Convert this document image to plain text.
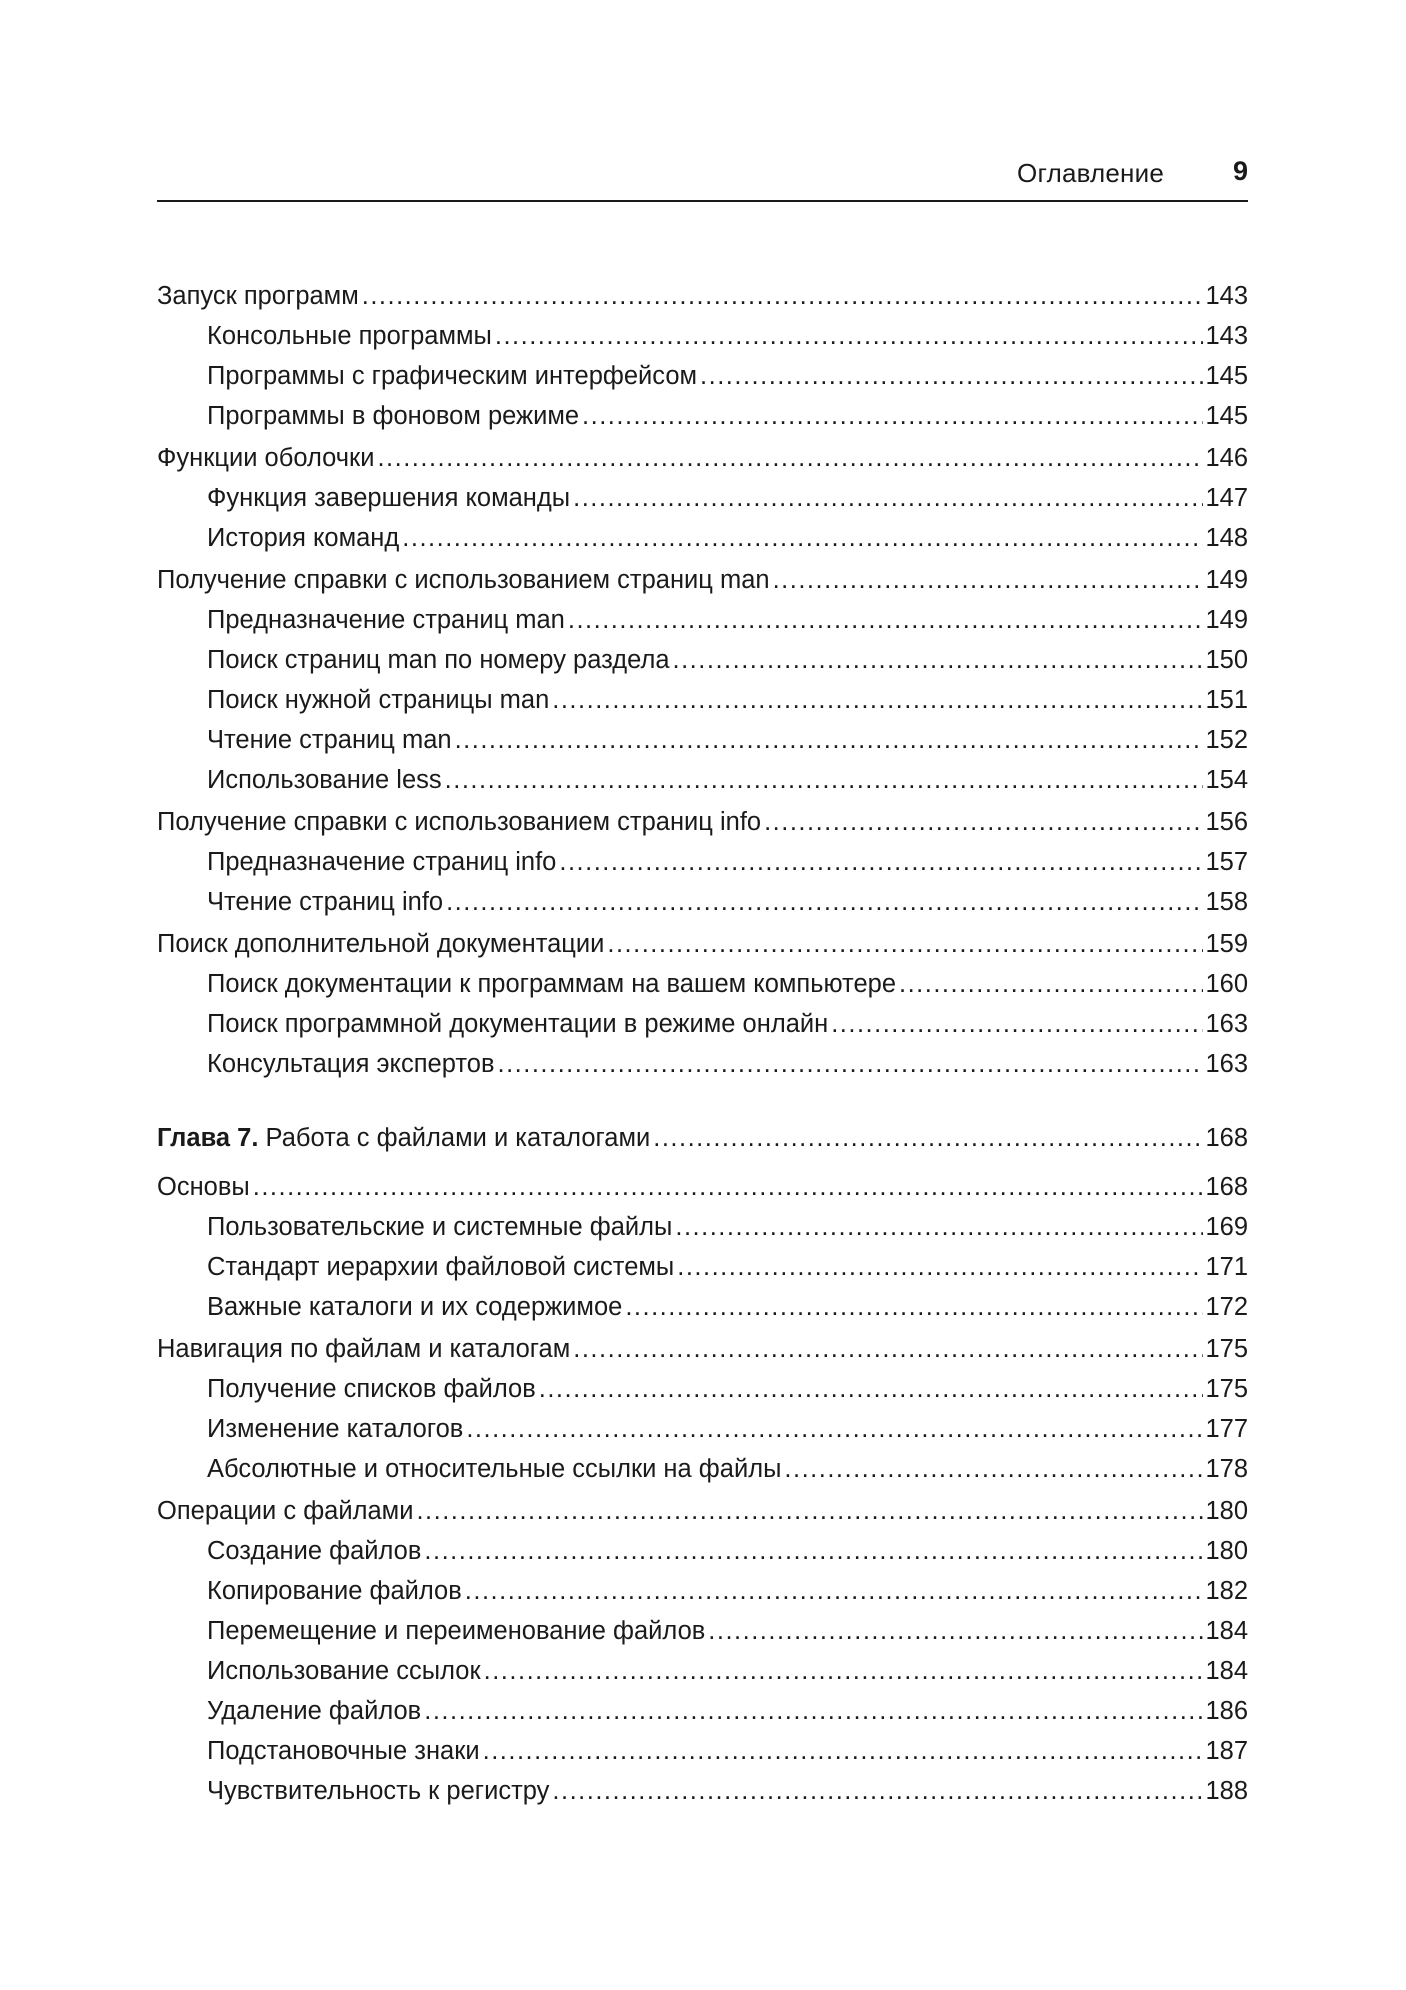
Оглавление	9
Запуск программ .....	143
Консольные программы .....	143
Программы с графическим интерфейсом .....	145
Программы в фоновом режиме .....	145
Функции оболочки .....	146
Функция завершения команды .....	147
История команд .....	148
Получение справки с использованием страниц man .....	149
Предназначение страниц man .....	149
Поиск страниц man по номеру раздела .....	150
Поиск нужной страницы man .....	151
Чтение страниц man .....	152
Использование less .....	154
Получение справки с использованием страниц info .....	156
Предназначение страниц info .....	157
Чтение страниц info .....	158
Поиск дополнительной документации .....	159
Поиск документации к программам на вашем компьютере .....	160
Поиск программной документации в режиме онлайн .....	163
Консультация экспертов .....	163
Глава 7. Работа с файлами и каталогами .....	168
Основы .....	168
Пользовательские и системные файлы .....	169
Стандарт иерархии файловой системы .....	171
Важные каталоги и их содержимое .....	172
Навигация по файлам и каталогам .....	175
Получение списков файлов .....	175
Изменение каталогов .....	177
Абсолютные и относительные ссылки на файлы .....	178
Операции с файлами .....	180
Создание файлов .....	180
Копирование файлов .....	182
Перемещение и переименование файлов .....	184
Использование ссылок .....	184
Удаление файлов .....	186
Подстановочные знаки .....	187
Чувствительность к регистру .....	188
